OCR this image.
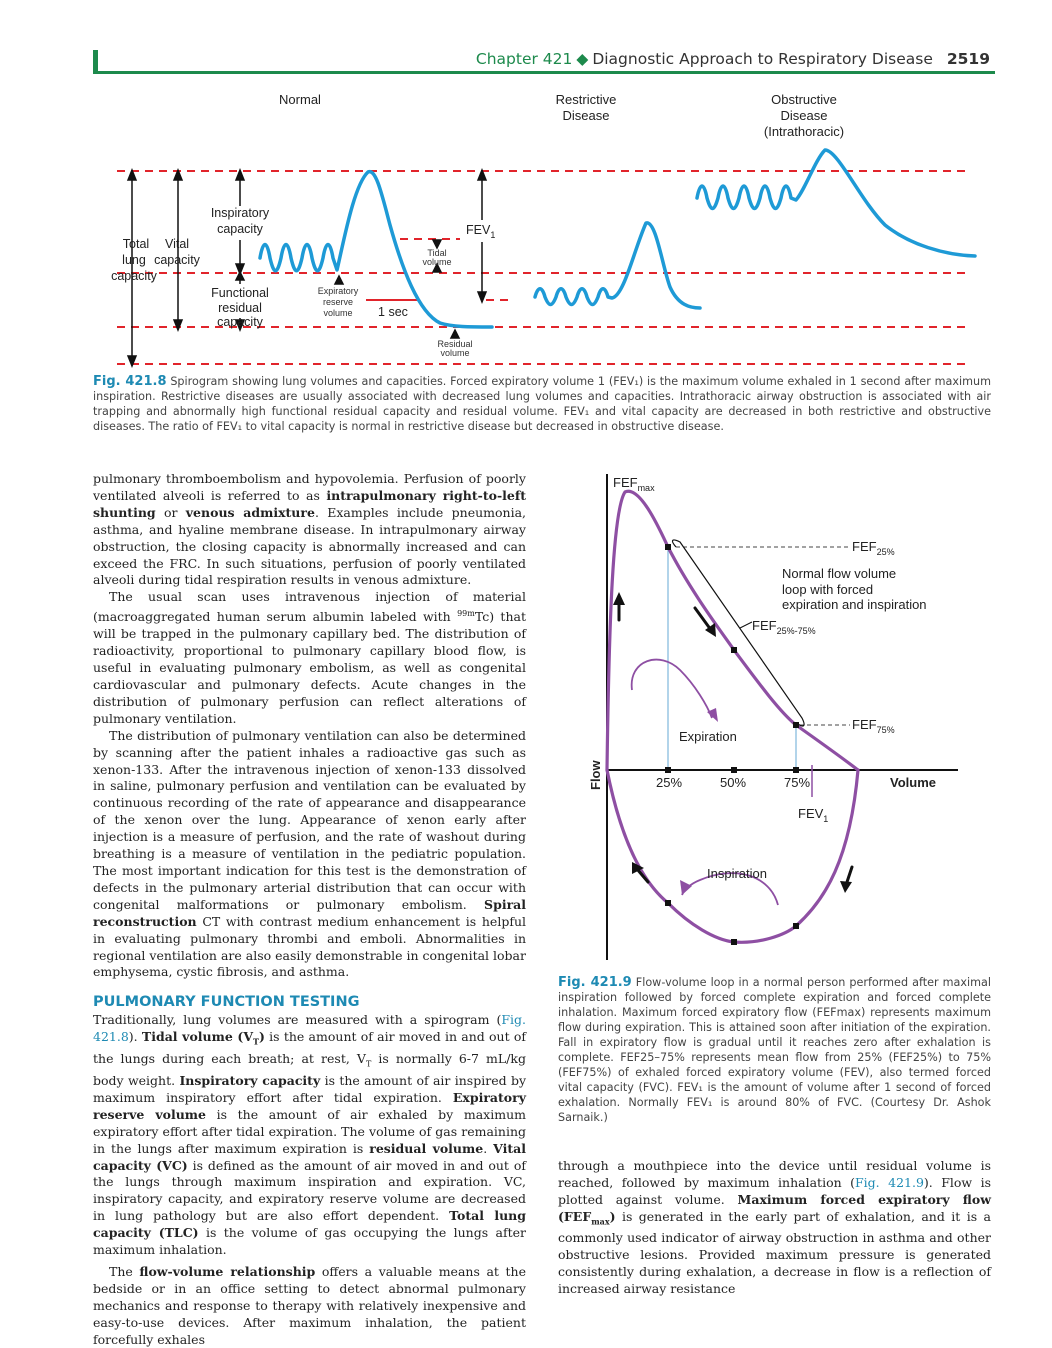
Chapter 421 ◆ Diagnostic Approach to Respiratory Disease 2519
Normal	Restrictive
Disease
Obstructive
Disease
(Intrathoracic)
Total
lung
capacity
Vital
capacity
Inspiratory
capacity
Functional
residual
capacity
1 sec
$FEV_1$
Expiratory
reserve
volume
Tidal
volume
Residual
volume
Fig. 421.8 Spirogram showing lung volumes and capacities. Forced expiratory volume 1 (FEV₁) is the maximum volume exhaled in 1 second after maximum inspiration. Restrictive diseases are usually associated with decreased lung volumes and capacities. Intrathoracic airway obstruction is associated with air trapping and abnormally high functional residual capacity and residual volume. FEV₁ and vital capacity are decreased in both restrictive and obstructive diseases. The ratio of FEV₁ to vital capacity is normal in restrictive disease but decreased in obstructive disease.

pulmonary thromboembolism and hypovolemia. Perfusion of poorly ventilated alveoli is referred to as intrapulmonary right-to-left shunting or venous admixture. Examples include pneumonia, asthma, and hyaline membrane disease. In intrapulmonary airway obstruction, the closing capacity is abnormally increased and can exceed the FRC. In such situations, perfusion of poorly ventilated alveoli during tidal respiration results in venous admixture.

The usual scan uses intravenous injection of material (macroaggregated human serum albumin labeled with $^{99m}$Tc) that will be trapped in the pulmonary capillary bed. The distribution of radioactivity, proportional to pulmonary capillary blood flow, is useful in evaluating pulmonary embolism, as well as congenital cardiovascular and pulmonary defects. Acute changes in the distribution of pulmonary perfusion can reflect alterations of pulmonary ventilation.

The distribution of pulmonary ventilation can also be determined by scanning after the patient inhales a radioactive gas such as xenon-133. After the intravenous injection of xenon-133 dissolved in saline, pulmonary perfusion and ventilation can be evaluated by continuous recording of the rate of appearance and disappearance of the xenon over the lung. Appearance of xenon early after injection is a measure of perfusion, and the rate of washout during breathing is a measure of ventilation in the pediatric population. The most important indication for this test is the demonstration of defects in the pulmonary arterial distribution that can occur with congenital malformations or pulmonary embolism. Spiral reconstruction CT with contrast medium enhancement is helpful in evaluating pulmonary thrombi and emboli. Abnormalities in regional ventilation are also easily demonstrable in congenital lobar emphysema, cystic fibrosis, and asthma.

PULMONARY FUNCTION TESTING

Traditionally, lung volumes are measured with a spirogram (Fig. 421.8). Tidal volume $(V_T)$ is the amount of air moved in and out of the lungs during each breath; at rest, $V_T$ is normally 6-7 mL/kg body weight. Inspiratory capacity is the amount of air inspired by maximum inspiratory effort after tidal expiration. Expiratory reserve volume is the amount of air exhaled by maximum expiratory effort after tidal expiration. The volume of gas remaining in the lungs after maximum expiration is residual volume. Vital capacity (VC) is defined as the amount of air moved in and out of the lungs through maximum inspiration and expiration. VC, inspiratory capacity, and expiratory reserve volume are decreased in lung pathology but are also effort dependent. Total lung capacity (TLC) is the volume of gas occupying the lungs after maximum inhalation.

The flow-volume relationship offers a valuable means at the bedside or in an office setting to detect abnormal pulmonary mechanics and response to therapy with relatively inexpensive and easy-to-use devices. After maximum inhalation, the patient forcefully exhales

$FEF_{max}$
$FEF_{25\%}$
$FEF_{75\%}$
$FEF_{25\%-75\%}$
Normal flow volume
loop with forced
expiration and inspiration
Expiration
Inspiration
25%	50%	75%
$FEV_1$
Volume
Flow
Fig. 421.9 Flow-volume loop in a normal person performed after maximal inspiration followed by forced complete expiration and forced complete inhalation. Maximum forced expiratory flow (FEFmax) represents maximum flow during expiration. This is attained soon after initiation of the expiration. Fall in expiratory flow is gradual until it reaches zero after exhalation is complete. FEF25–75% represents mean flow from 25% (FEF25%) to 75% (FEF75%) of exhaled forced expiratory volume (FEV), also termed forced vital capacity (FVC). FEV₁ is the amount of volume after 1 second of forced exhalation. Normally FEV₁ is around 80% of FVC. (Courtesy Dr. Ashok Sarnaik.)

through a mouthpiece into the device until residual volume is reached, followed by maximum inhalation (Fig. 421.9). Flow is plotted against volume. Maximum forced expiratory flow $(FEF_{max})$ is generated in the early part of exhalation, and it is a commonly used indicator of airway obstruction in asthma and other obstructive lesions. Provided maximum pressure is generated consistently during exhalation, a decrease in flow is a reflection of increased airway resistance
